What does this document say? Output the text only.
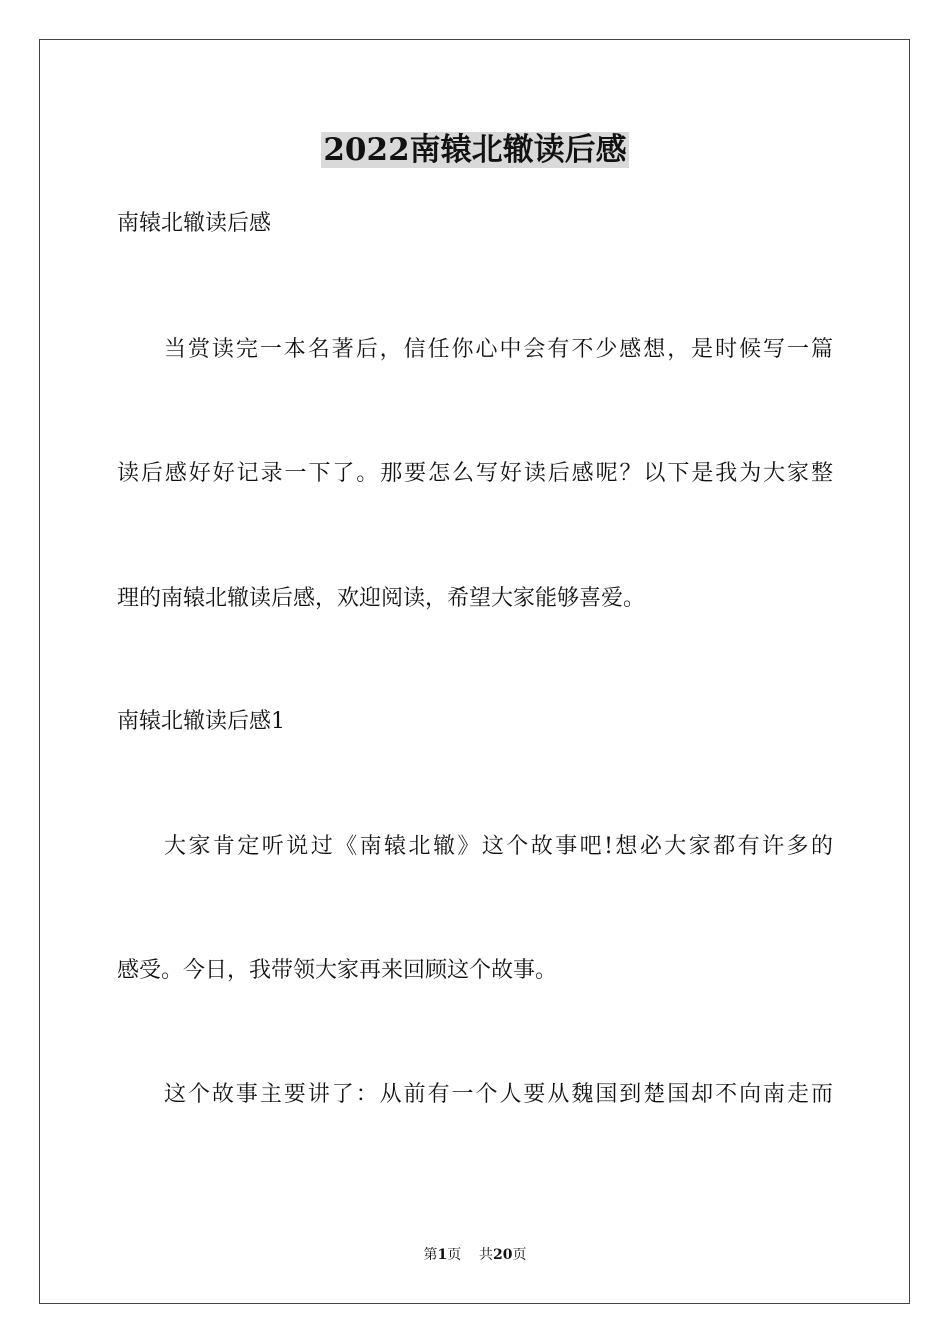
2022南辕北辙读后感
南辕北辙读后感
当赏读完一本名著后，信任你心中会有不少感想，是时候写一篇
读后感好好记录一下了。那要怎么写好读后感呢？以下是我为大家整
理的南辕北辙读后感，欢迎阅读，希望大家能够喜爱。
南辕北辙读后感1
大家肯定听说过《南辕北辙》这个故事吧!想必大家都有许多的
感受。今日，我带领大家再来回顾这个故事。
这个故事主要讲了：从前有一个人要从魏国到楚国却不向南走而
第1页    共20页
